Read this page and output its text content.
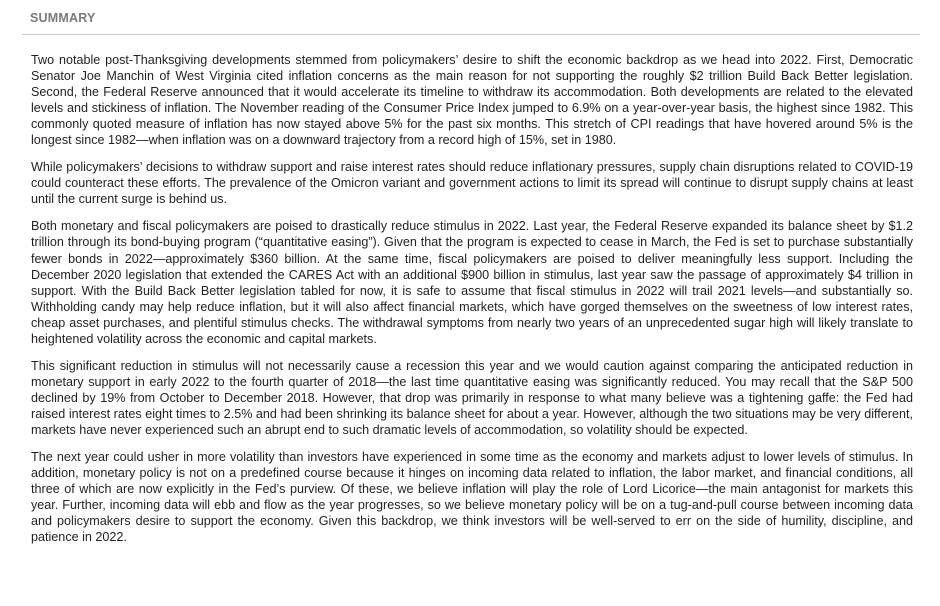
SUMMARY

Two notable post-Thanksgiving developments stemmed from policymakers’ desire to shift the economic backdrop as we head into 2022. First, Democratic Senator Joe Manchin of West Virginia cited inflation concerns as the main reason for not supporting the roughly $2 trillion Build Back Better legislation. Second, the Federal Reserve announced that it would accelerate its timeline to withdraw its accommodation. Both developments are related to the elevated levels and stickiness of inflation. The November reading of the Consumer Price Index jumped to 6.9% on a year-over-year basis, the highest since 1982. This commonly quoted measure of inflation has now stayed above 5% for the past six months. This stretch of CPI readings that have hovered around 5% is the longest since 1982—when inflation was on a downward trajectory from a record high of 15%, set in 1980.

While policymakers’ decisions to withdraw support and raise interest rates should reduce inflationary pressures, supply chain disruptions related to COVID-19 could counteract these efforts. The prevalence of the Omicron variant and government actions to limit its spread will continue to disrupt supply chains at least until the current surge is behind us.

Both monetary and fiscal policymakers are poised to drastically reduce stimulus in 2022. Last year, the Federal Reserve expanded its balance sheet by $1.2 trillion through its bond-buying program (“quantitative easing”). Given that the program is expected to cease in March, the Fed is set to purchase substantially fewer bonds in 2022—approximately $360 billion. At the same time, fiscal policymakers are poised to deliver meaningfully less support. Including the December 2020 legislation that extended the CARES Act with an additional $900 billion in stimulus, last year saw the passage of approximately $4 trillion in support. With the Build Back Better legislation tabled for now, it is safe to assume that fiscal stimulus in 2022 will trail 2021 levels—and substantially so. Withholding candy may help reduce inflation, but it will also affect financial markets, which have gorged themselves on the sweetness of low interest rates, cheap asset purchases, and plentiful stimulus checks. The withdrawal symptoms from nearly two years of an unprecedented sugar high will likely translate to heightened volatility across the economic and capital markets.

This significant reduction in stimulus will not necessarily cause a recession this year and we would caution against comparing the anticipated reduction in monetary support in early 2022 to the fourth quarter of 2018—the last time quantitative easing was significantly reduced. You may recall that the S&P 500 declined by 19% from October to December 2018. However, that drop was primarily in response to what many believe was a tightening gaffe: the Fed had raised interest rates eight times to 2.5% and had been shrinking its balance sheet for about a year. However, although the two situations may be very different, markets have never experienced such an abrupt end to such dramatic levels of accommodation, so volatility should be expected.

The next year could usher in more volatility than investors have experienced in some time as the economy and markets adjust to lower levels of stimulus. In addition, monetary policy is not on a predefined course because it hinges on incoming data related to inflation, the labor market, and financial conditions, all three of which are now explicitly in the Fed’s purview. Of these, we believe inflation will play the role of Lord Licorice—the main antagonist for markets this year. Further, incoming data will ebb and flow as the year progresses, so we believe monetary policy will be on a tug-and-pull course between incoming data and policymakers desire to support the economy. Given this backdrop, we think investors will be well-served to err on the side of humility, discipline, and patience in 2022.
